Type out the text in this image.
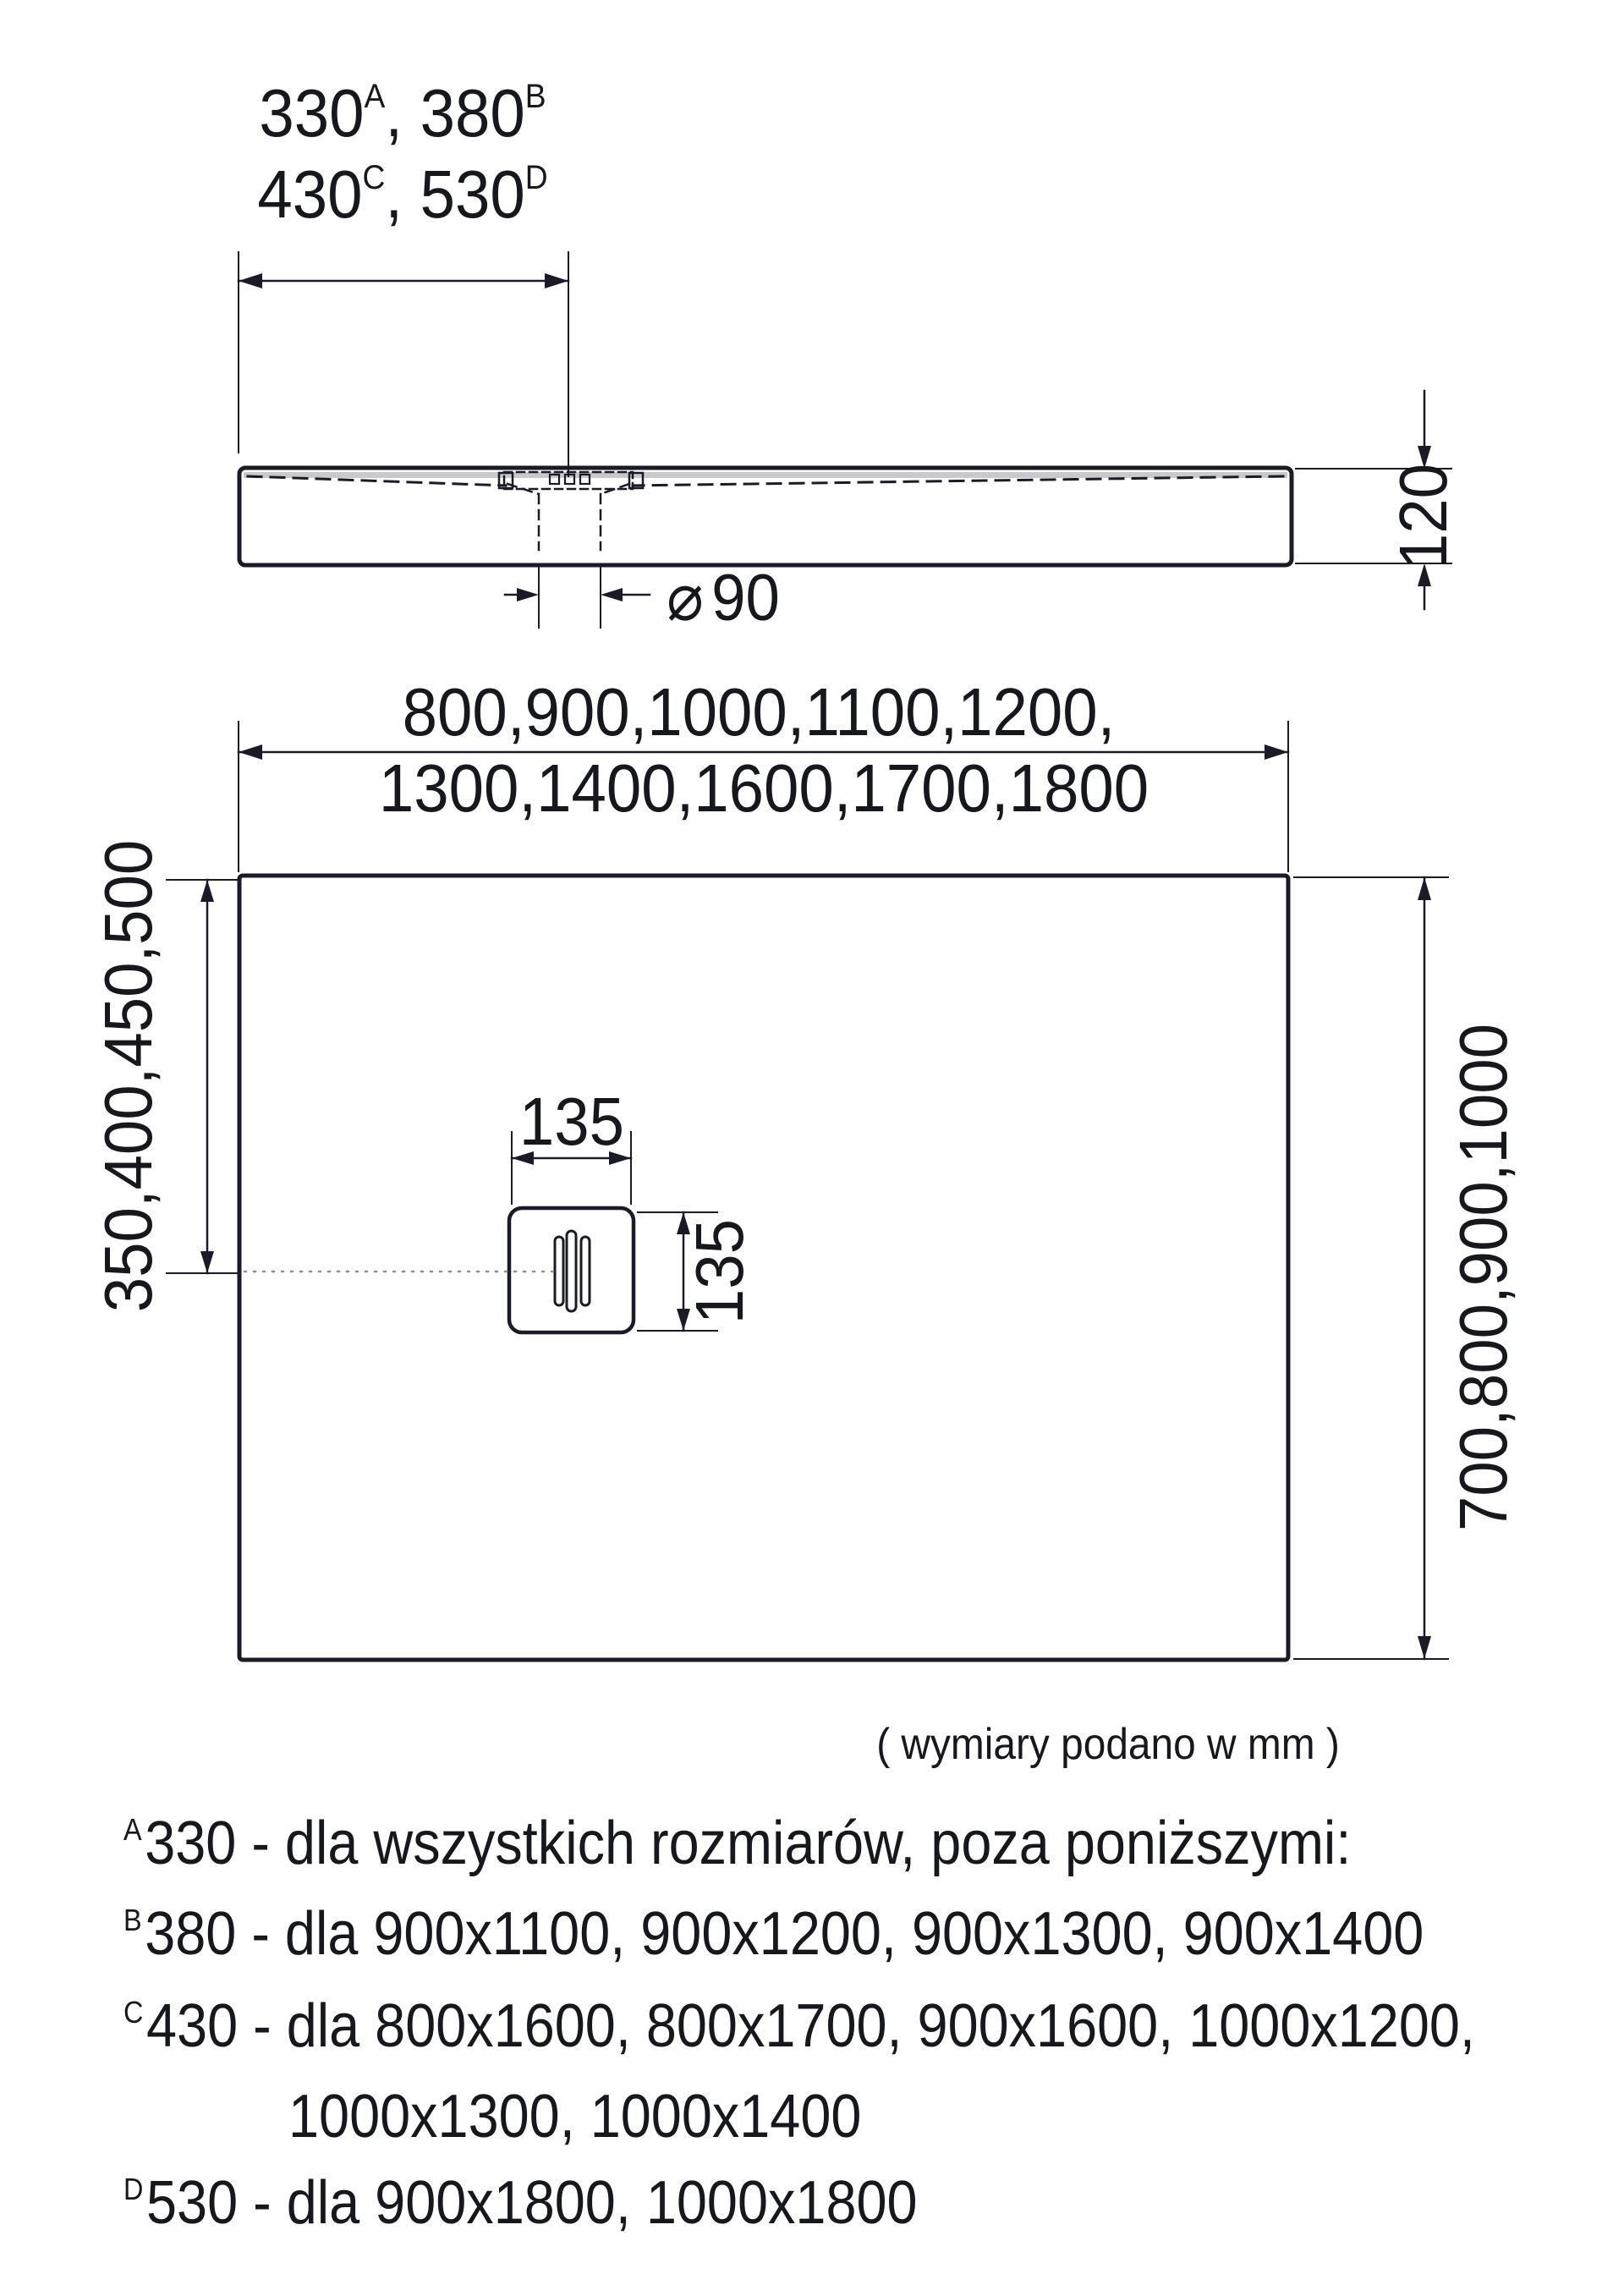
$330^A$, $380^B$
$430^C$, $530^D$
⌀ 90
120
800,900,1000,1100,1200,
1300,1400,1600,1700,1800
350,400,450,500	700,800,900,1000
135
135
( wymiary podano w mm )
$^A$330 - dla wszystkich rozmiarów, poza poniższymi:
$^B$380 - dla 900x1100, 900x1200, 900x1300, 900x1400
$^C$430 - dla 800x1600, 800x1700, 900x1600, 1000x1200,
1000x1300, 1000x1400
$^D$530 - dla 900x1800, 1000x1800
